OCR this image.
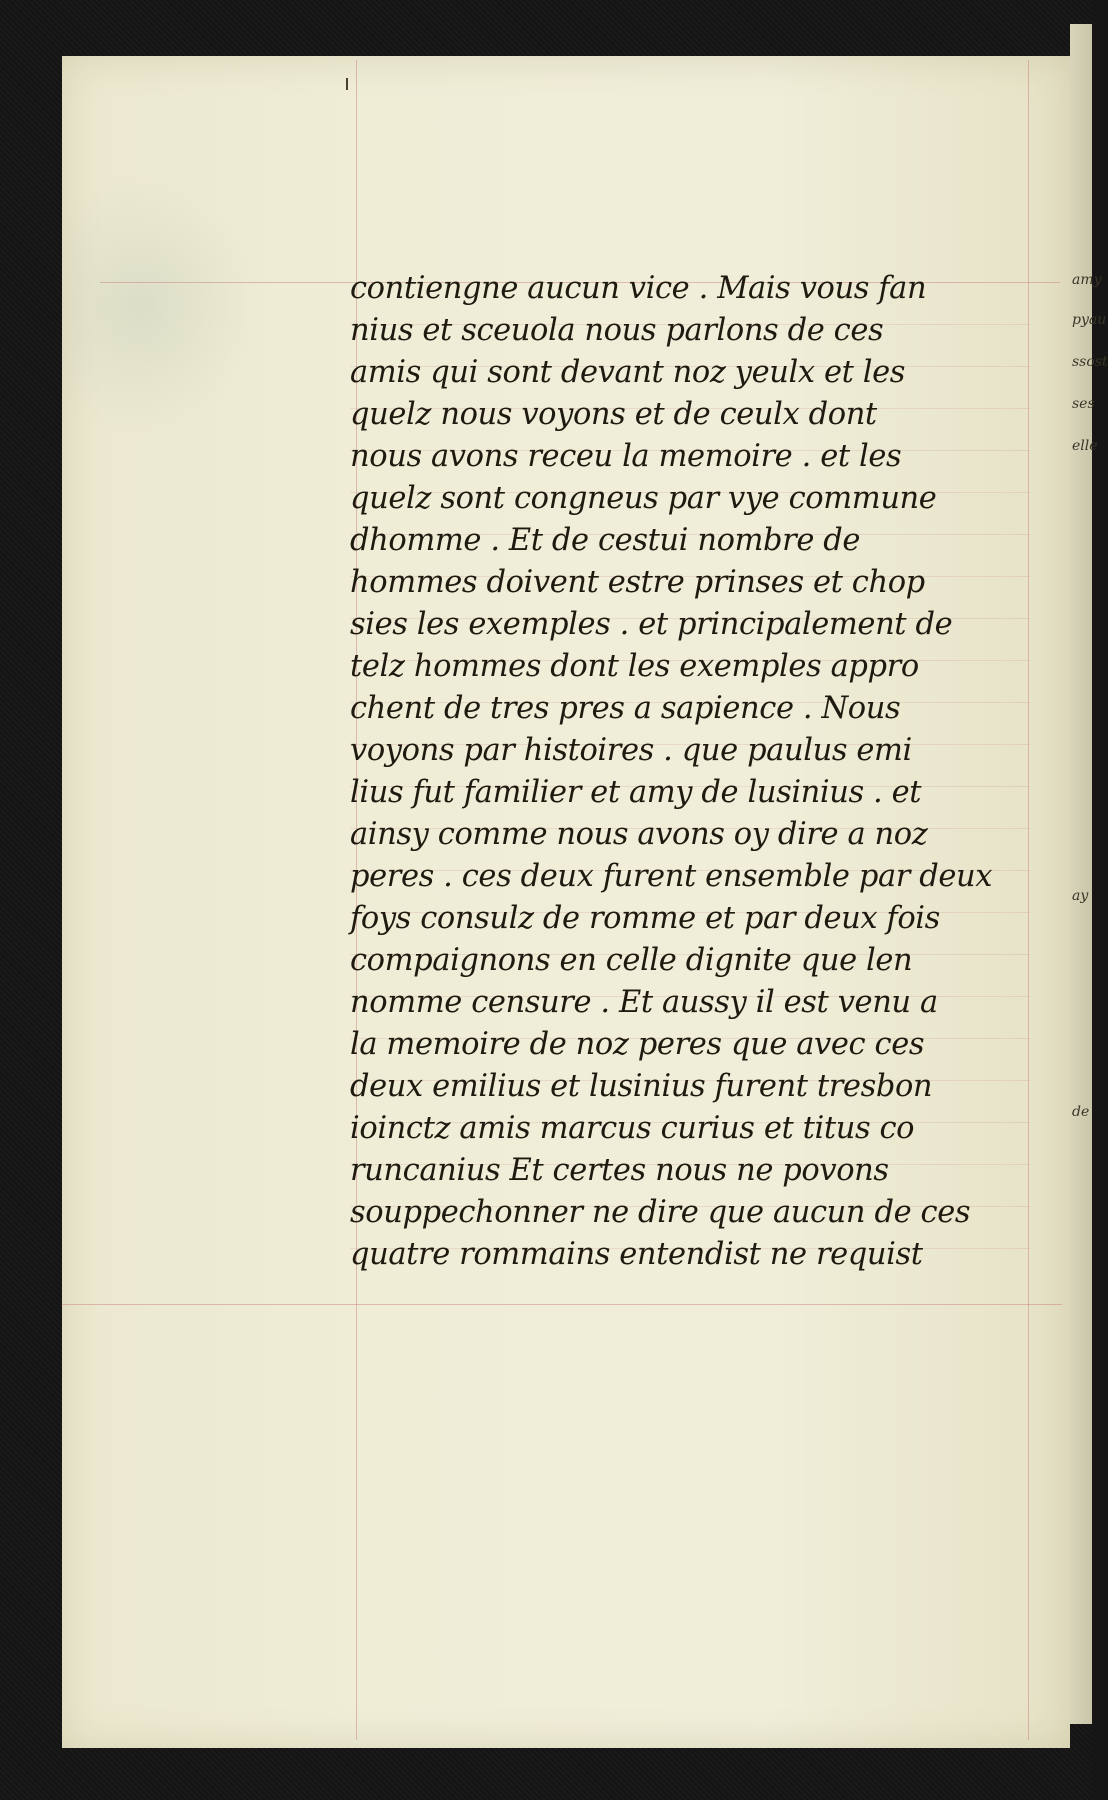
amy
pyau
ssost
ses
elle
ay
de
contiengne aucun vice . Mais vous fan
nius et sceuola nous parlons de ces
amis qui sont devant noz yeulx et les
quelz nous voyons et de ceulx dont
nous avons receu la memoire . et les
quelz sont congneus par vye commune
dhomme . Et de cestui nombre de
hommes doivent estre prinses et chop
sies les exemples . et principalement de
telz hommes dont les exemples appro
chent de tres pres a sapience . Nous
voyons par histoires . que paulus emi
lius fut familier et amy de lusinius . et
ainsy comme nous avons oy dire a noz
peres . ces deux furent ensemble par deux
foys consulz de romme et par deux fois
compaignons en celle dignite que len
nomme censure . Et aussy il est venu a
la memoire de noz peres que avec ces
deux emilius et lusinius furent tresbon
ioinctz amis marcus curius et titus co
runcanius Et certes nous ne povons
souppechonner ne dire que aucun de ces
quatre rommains entendist ne requist
